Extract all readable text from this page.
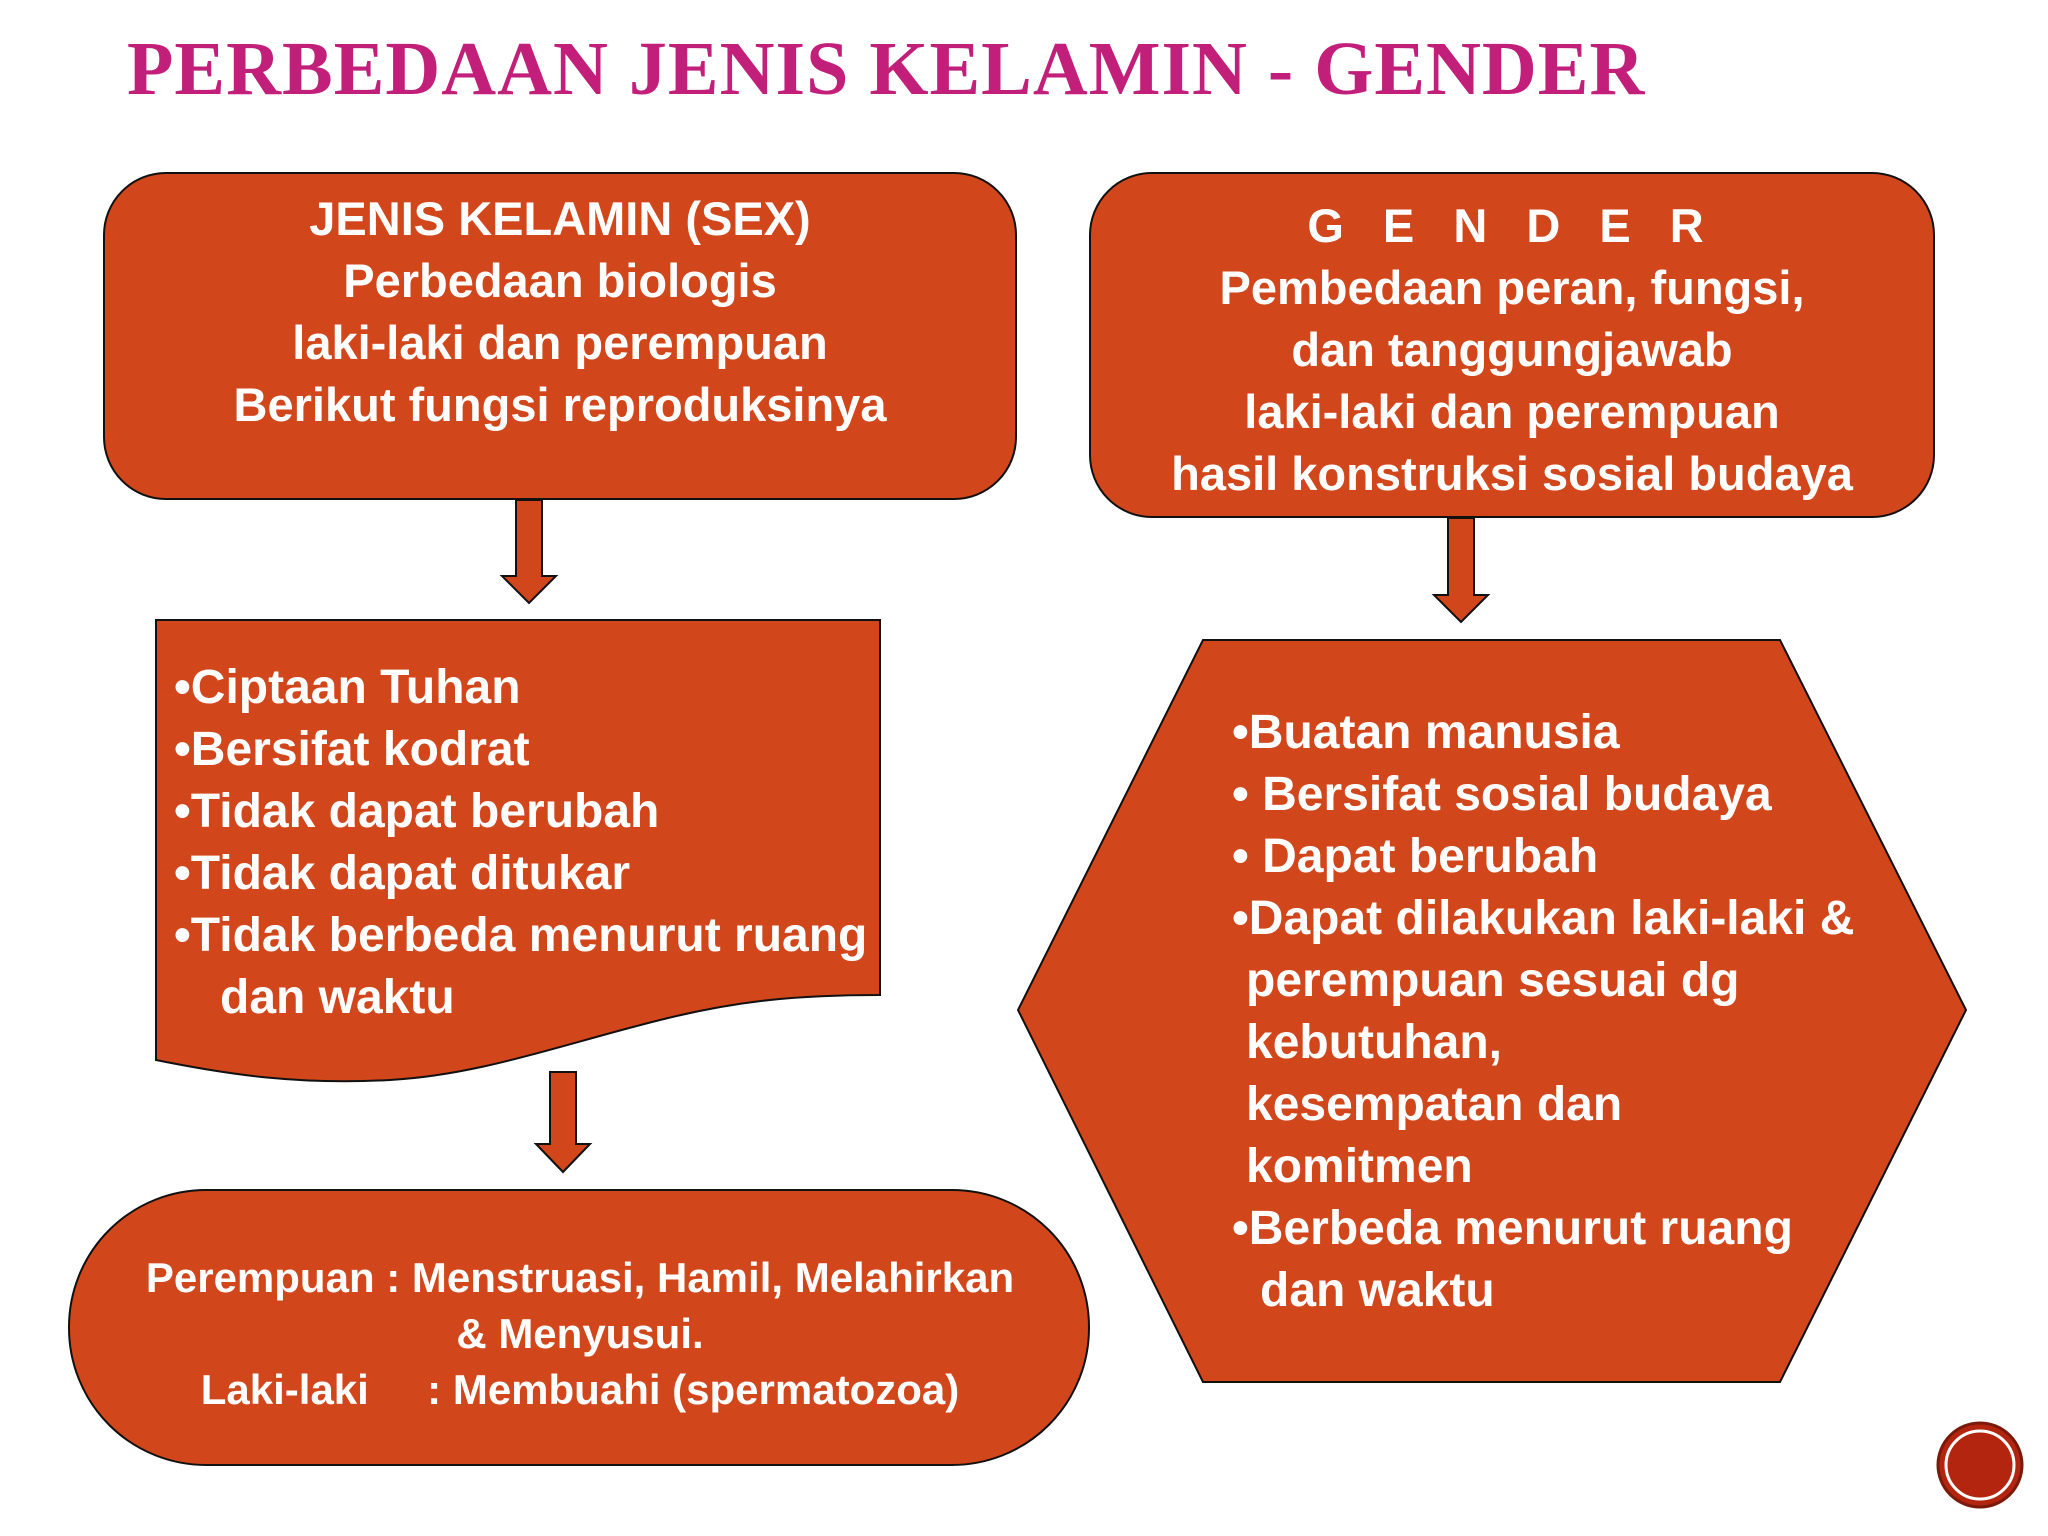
PERBEDAAN JENIS KELAMIN - GENDER
JENIS KELAMIN (SEX)
Perbedaan biologis
laki-laki dan perempuan
Berikut fungsi reproduksinya
G E N D E R
Pembedaan peran, fungsi,
dan tanggungjawab
laki-laki dan perempuan
hasil konstruksi sosial budaya
•Ciptaan Tuhan
•Bersifat kodrat
•Tidak dapat berubah
•Tidak dapat ditukar
•Tidak berbeda menurut ruang
dan waktu
Perempuan : Menstruasi, Hamil, Melahirkan
& Menyusui.
Laki-laki     : Membuahi (spermatozoa)
•Buatan manusia
• Bersifat sosial budaya
• Dapat berubah
•Dapat dilakukan laki-laki &
perempuan sesuai dg
kebutuhan,
kesempatan dan
komitmen
•Berbeda menurut ruang
dan waktu
